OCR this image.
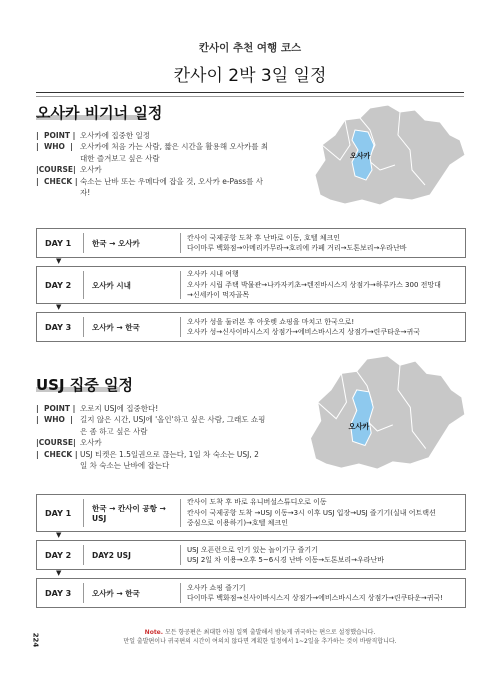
칸사이 추천 여행 코스
칸사이 2박 3일 일정
오사카 비기너 일정
|  POINT | 오사카에 집중한 일정
|  WHO  | 오사카에 처음 가는 사람, 짧은 시간을 활용해 오사카를 최대한 즐겨보고 싶은 사람
|COURSE| 오사카
|  CHECK | 숙소는 난바 또는 우메다에 잡을 것, 오사카 e-Pass를 사자!
오사카
DAY 1	한국 → 오사카
칸사이 국제공항 도착 후 난바로 이동, 호텔 체크인
다이마루 백화점→아메리카무라→호리에 카페 거리→도톤보리→우라난바
▼
DAY 2	오사카 시내
오사카 시내 여행
오사카 시립 주택 박물관→나카자키초→텐진바시스지 상점가→하루카스 300 전망대
→신세카이 먹자골목
▼
DAY 3	오사카 → 한국
오사카 성을 둘러본 후 아웃렛 쇼핑을 마치고 한국으로!
오사카 성→신사이바시스지 상점가→에비스바시스지 상점가→린쿠타운→귀국
USJ 집중 일정
|  POINT | 오로지 USJ에 집중한다!
|  WHO  | 길지 않은 시간, USJ에 '올인'하고 싶은 사람, 그래도 쇼핑은 좀 하고 싶은 사람
|COURSE| 오사카
|  CHECK | USJ 티켓은 1.5일권으로 끊는다, 1일 차 숙소는 USJ, 2일 차 숙소는 난바에 잡는다
오사카
DAY 1	한국 → 칸사이 공항 → USJ
칸사이 도착 후 바로 유니버설스튜디오로 이동
칸사이 국제공항 도착 →USJ 이동→3시 이후 USJ 입장→USJ 즐기기(실내 어트랙션
중심으로 이용하기)→호텔 체크인
▼
DAY 2	DAY2 USJ
USJ 오픈런으로 인기 있는 놀이기구 즐기기
USJ 2일 차 이용→오후 5~6시경 난바 이동→도톤보리→우라난바
▼
DAY 3	오사카 → 한국
오사카 쇼핑 즐기기
다이마루 백화점→신사이바시스지 상점가→에비스바시스지 상점가→린쿠타운→귀국!
Note. 모든 항공편은 최대한 아침 일찍 출발해서 밤늦게 귀국하는 편으로 설정했습니다.
만일 출발편이나 귀국편의 시간이 여의치 않다면 계획한 일정에서 1~2일을 추가하는 것이 바람직합니다.
224
